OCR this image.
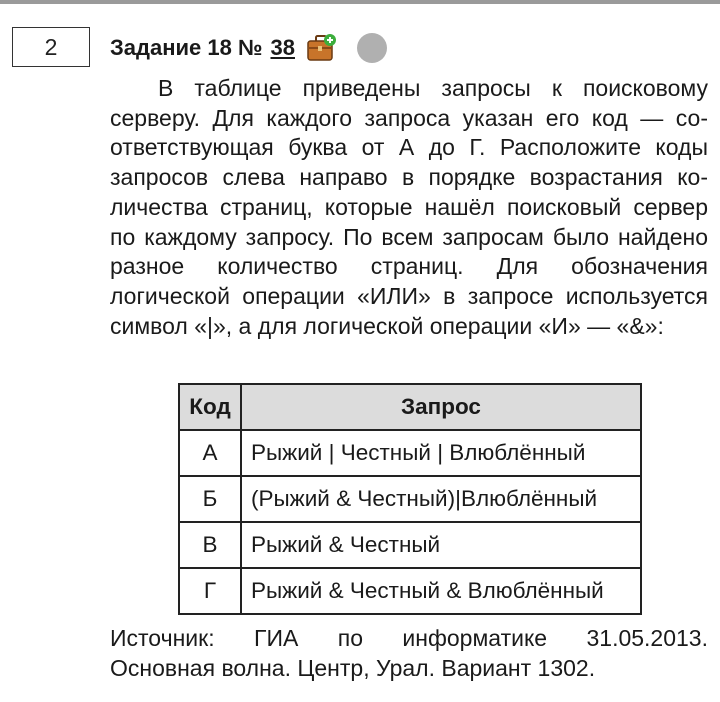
2 Задание 18 № 38
В таблице приведены запросы к поисковому серверу. Для каждого запроса указан его код — соответствующая буква от А до Г. Расположите коды запросов слева направо в порядке возрастания количества страниц, которые нашёл поисковый сервер по каждому запросу. По всем запросам было найдено разное количество страниц. Для обозначения логической операции «ИЛИ» в запросе используется символ «|», а для логической операции «И» — «&»:
Код	Запрос
А	Рыжий | Честный | Влюблённый
Б	(Рыжий & Честный)|Влюблённый
В	Рыжий & Честный
Г	Рыжий & Честный & Влюблённый
Источник: ГИА по информатике 31.05.2013.
Основная волна. Центр, Урал. Вариант 1302.
